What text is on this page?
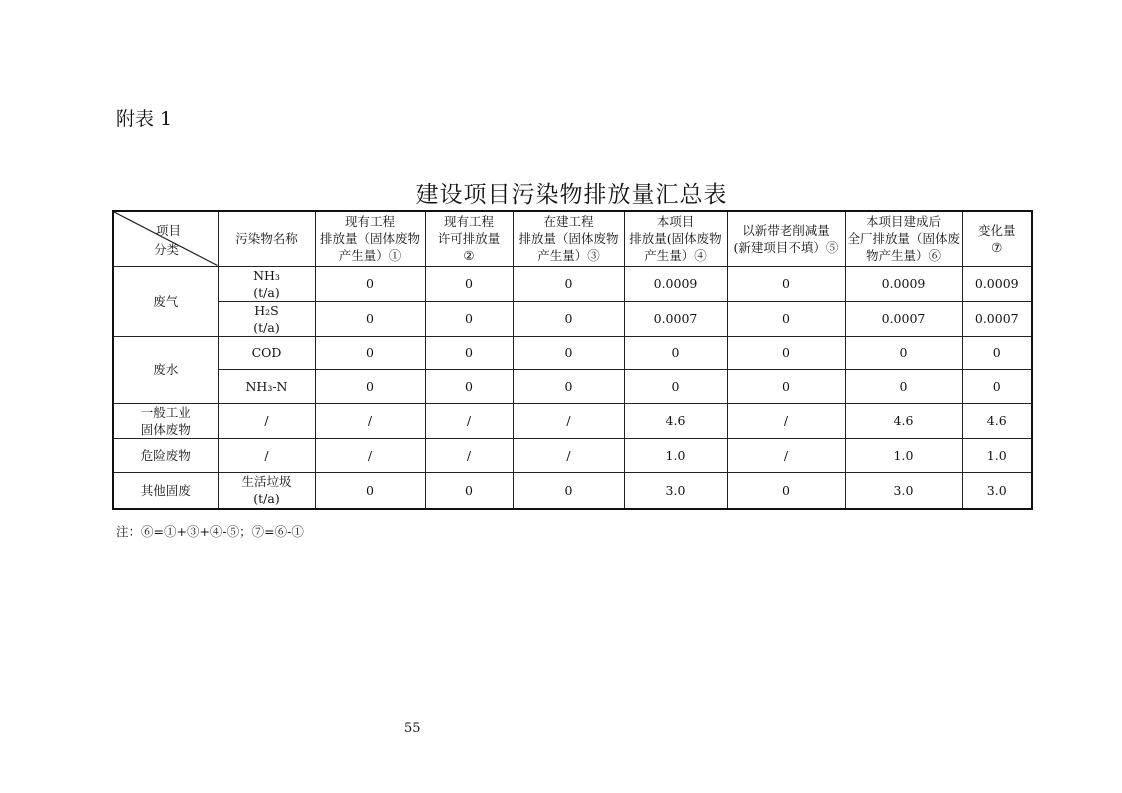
附表 1
建设项目污染物排放量汇总表
项目
分类	污染物名称	现有工程
排放量（固体废物
产生量）①	现有工程
许可排放量
②	在建工程
排放量（固体废物
产生量）③	本项目
排放量(固体废物
产生量）④	以新带老削减量
(新建项目不填）⑤	本项目建成后
全厂排放量（固体废
物产生量）⑥	变化量
⑦

废气	NH₃
(t/a)	0	0	0	0.0009	0	0.0009	0.0009

	H₂S
(t/a)	0	0	0	0.0007	0	0.0007	0.0007
废水	COD	0	0	0	0	0	0	0
	NH₃-N	0	0	0	0	0	0	0

一般工业
固体废物	/	/	/	/	4.6	/	4.6	4.6
危险废物	/	/	/	/	1.0	/	1.0	1.0
其他固废	生活垃圾
(t/a)	0	0	0	3.0	0	3.0	3.0
注：⑥=①+③+④-⑤；⑦=⑥-①
55
